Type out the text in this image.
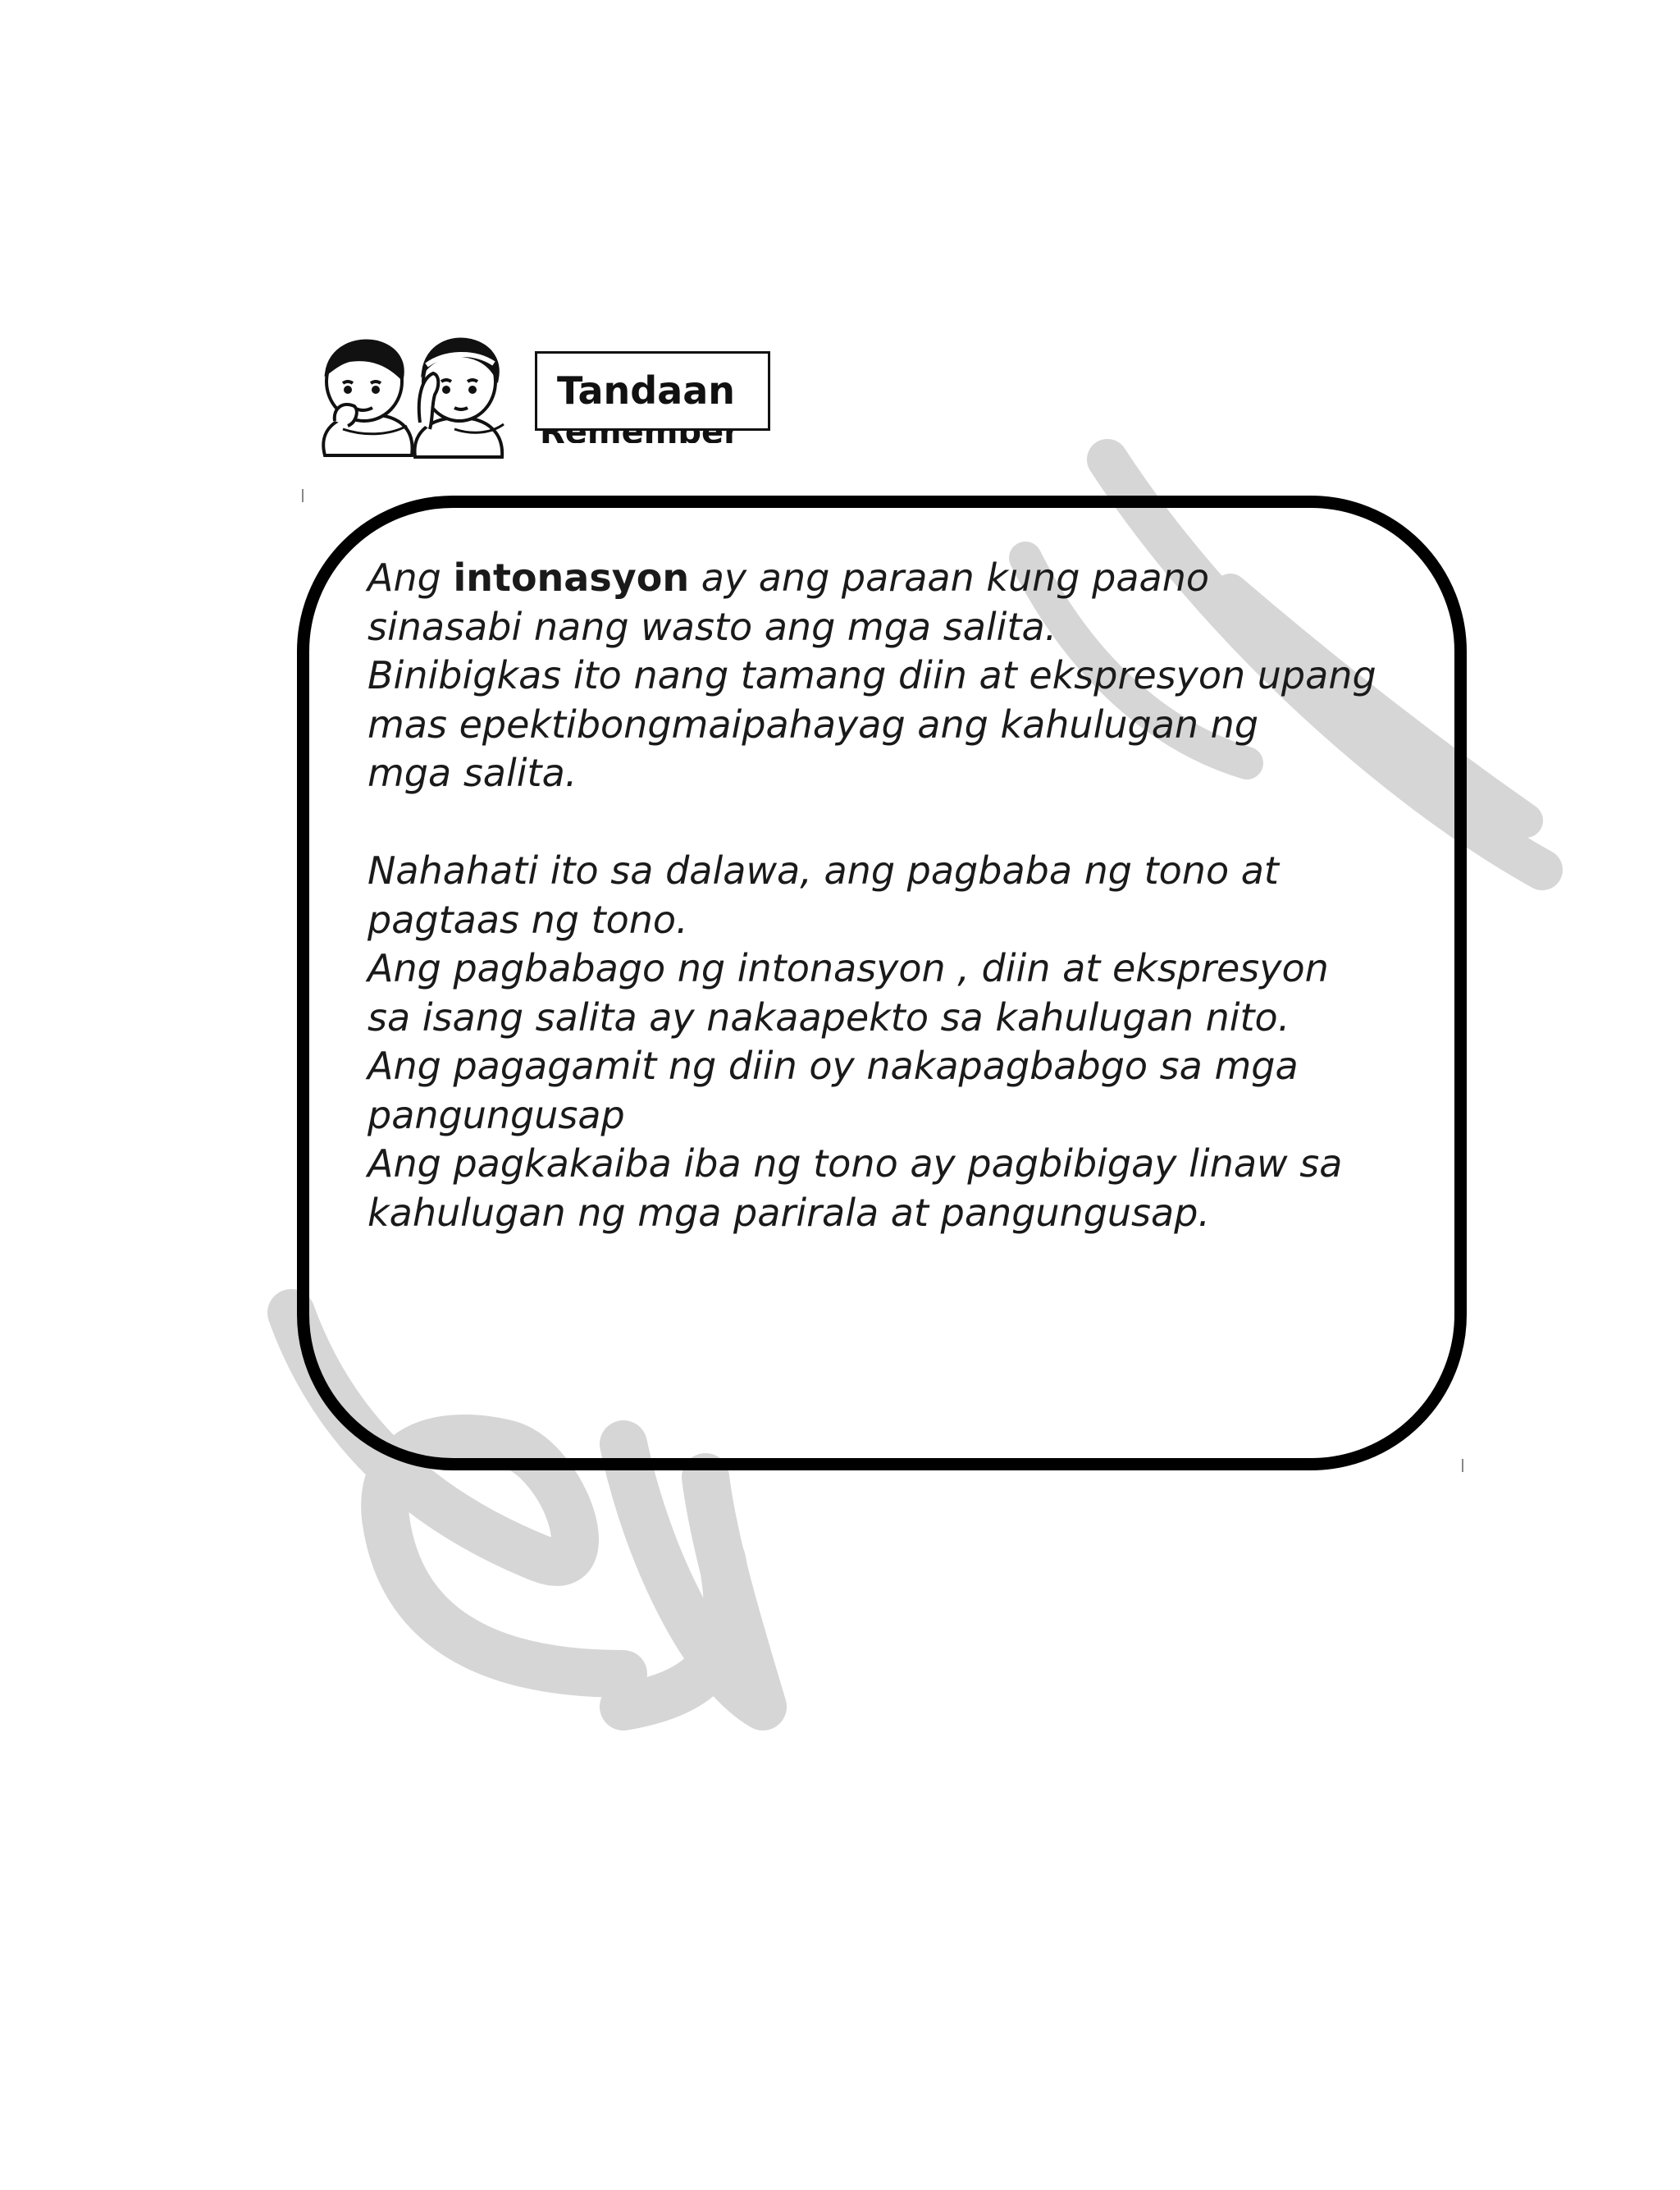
Tandaan
Ang intonasyon ay ang paraan kung paano
sinasabi nang wasto ang mga salita.
Binibigkas ito nang tamang diin at ekspresyon upang
mas epektibongmaipahayag ang kahulugan ng
mga salita.
Nahahati ito sa dalawa, ang pagbaba ng tono at
pagtaas ng tono.
Ang pagbabago ng intonasyon , diin at ekspresyon
sa isang salita ay nakaapekto sa kahulugan nito.
Ang pagagamit ng diin oy nakapagbabgo sa mga
pangungusap
Ang pagkakaiba iba ng tono ay pagbibigay linaw sa
kahulugan ng mga parirala at pangungusap.
